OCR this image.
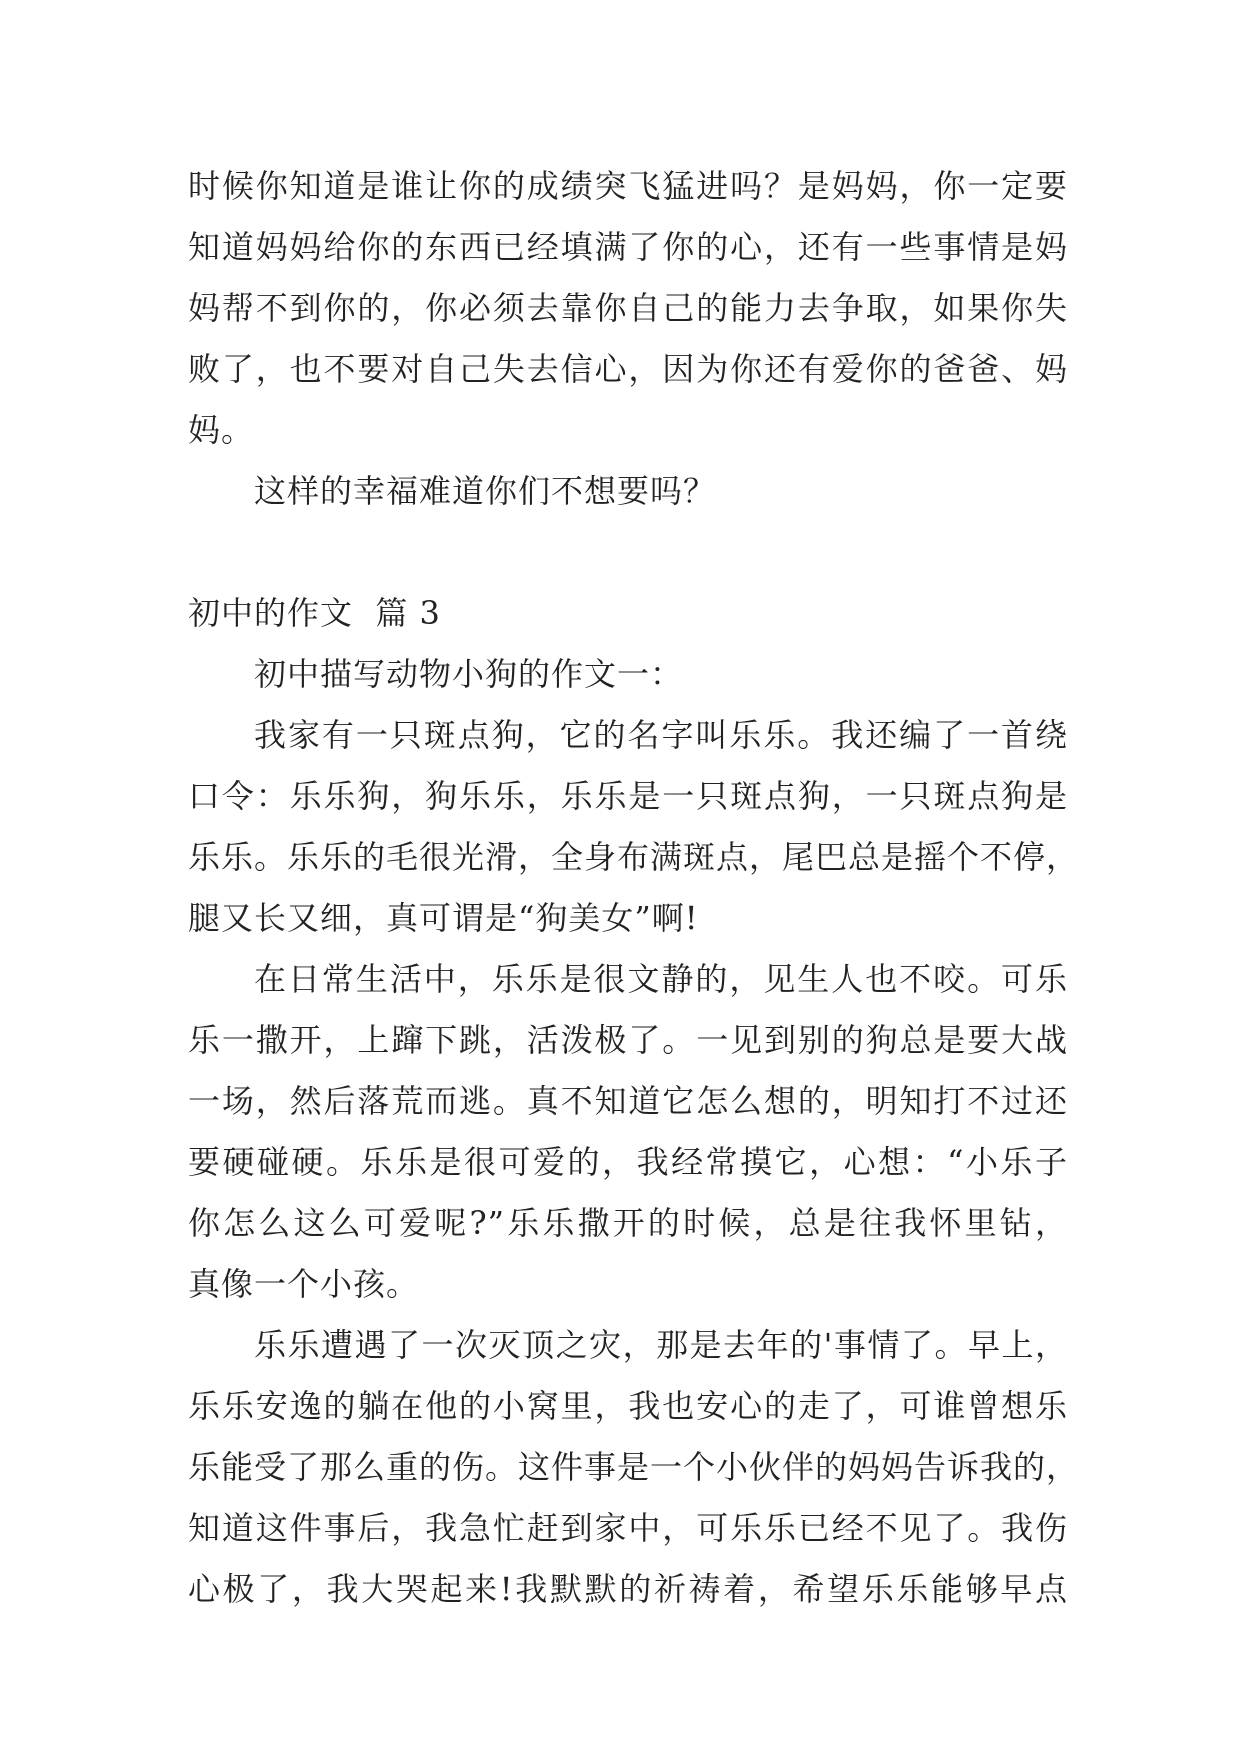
时候你知道是谁让你的成绩突飞猛进吗？是妈妈，你一定要
知道妈妈给你的东西已经填满了你的心，还有一些事情是妈
妈帮不到你的，你必须去靠你自己的能力去争取，如果你失
败了，也不要对自己失去信心，因为你还有爱你的爸爸、妈
妈。
这样的幸福难道你们不想要吗？
初中的作文  篇 3
初中描写动物小狗的作文一：
我家有一只斑点狗，它的名字叫乐乐。我还编了一首绕
口令：乐乐狗，狗乐乐，乐乐是一只斑点狗，一只斑点狗是
乐乐。乐乐的毛很光滑，全身布满斑点，尾巴总是摇个不停，
腿又长又细，真可谓是“狗美女”啊!
在日常生活中，乐乐是很文静的，见生人也不咬。可乐
乐一撒开，上蹿下跳，活泼极了。一见到别的狗总是要大战
一场，然后落荒而逃。真不知道它怎么想的，明知打不过还
要硬碰硬。乐乐是很可爱的，我经常摸它，心想：“小乐子
你怎么这么可爱呢?”乐乐撒开的时候，总是往我怀里钻，
真像一个小孩。
乐乐遭遇了一次灭顶之灾，那是去年的'事情了。早上，
乐乐安逸的躺在他的小窝里，我也安心的走了，可谁曾想乐
乐能受了那么重的伤。这件事是一个小伙伴的妈妈告诉我的，
知道这件事后，我急忙赶到家中，可乐乐已经不见了。我伤
心极了，我大哭起来!我默默的祈祷着，希望乐乐能够早点
